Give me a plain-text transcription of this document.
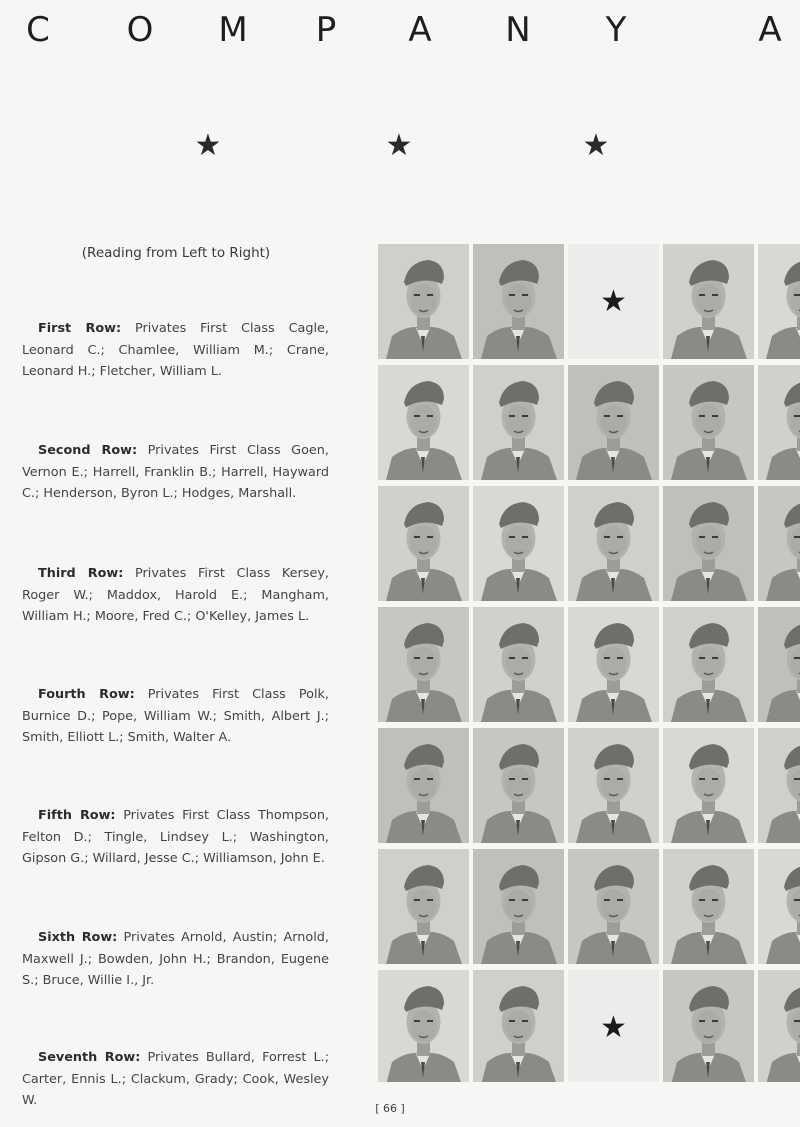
C O M P A N Y	A
★	★	★

(Reading from Left to Right)

First Row: Privates First Class Cagle, Leonard C.; Chamlee, William M.; Crane, Leonard H.; Fletcher, William L.

Second Row: Privates First Class Goen, Vernon E.; Harrell, Franklin B.; Harrell, Hayward C.; Henderson, Byron L.; Hodges, Marshall.

Third Row: Privates First Class Kersey, Roger W.; Maddox, Harold E.; Mangham, William H.; Moore, Fred C.; O'Kelley, James L.

Fourth Row: Privates First Class Polk, Burnice D.; Pope, William W.; Smith, Albert J.; Smith, Elliott L.; Smith, Walter A.

Fifth Row: Privates First Class Thompson, Felton D.; Tingle, Lindsey L.; Washington, Gipson G.; Willard, Jesse C.; Williamson, John E.

Sixth Row: Privates Arnold, Austin; Arnold, Maxwell J.; Bowden, John H.; Brandon, Eugene S.; Bruce, Willie I., Jr.

Seventh Row: Privates Bullard, Forrest L.; Carter, Ennis L.; Clackum, Grady; Cook, Wesley W.

★
★
[ 66 ]
